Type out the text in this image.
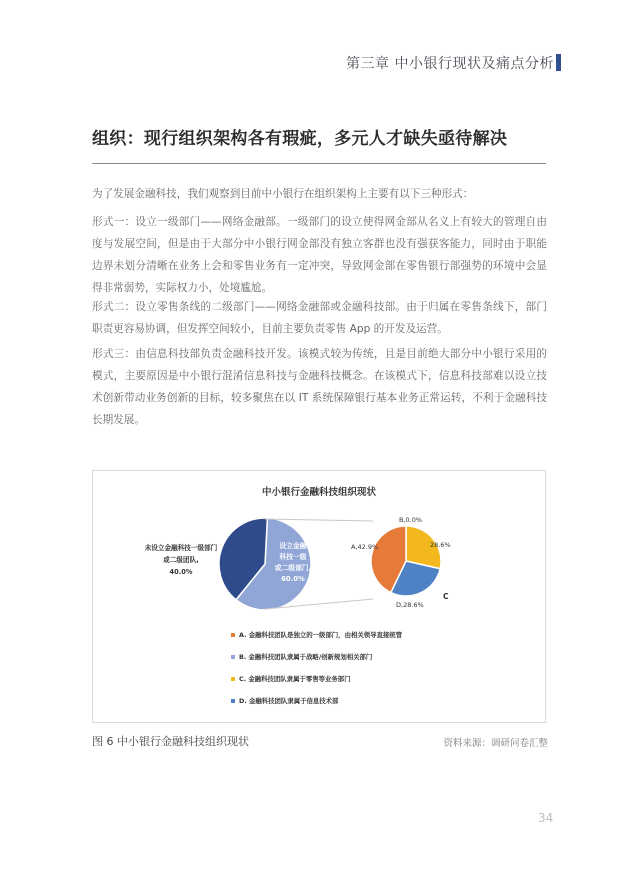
第三章 中小银行现状及痛点分析
组织：现行组织架构各有瑕疵，多元人才缺失亟待解决

为了发展金融科技，我们观察到目前中小银行在组织架构上主要有以下三种形式：

形式一：设立一级部门——网络金融部。一级部门的设立使得网金部从名义上有较大的管理自由度与发展空间，但是由于大部分中小银行网金部没有独立客群也没有强获客能力，同时由于职能边界未划分清晰在业务上会和零售业务有一定冲突，导致网金部在零售银行部强势的环境中会显得非常弱势，实际权力小，处境尴尬。

形式二：设立零售条线的二级部门——网络金融部或金融科技部。由于归属在零售条线下，部门职责更容易协调，但发挥空间较小，目前主要负责零售 App 的开发及运营。

形式三：由信息科技部负责金融科技开发。该模式较为传统，且是目前绝大部分中小银行采用的模式，主要原因是中小银行混淆信息科技与金融科技概念。在该模式下，信息科技部难以设立技术创新带动业务创新的目标，较多聚焦在以 IT 系统保障银行基本业务正常运转，不利于金融科技长期发展。

中小银行金融科技组织现状
设立金融
科技一级
或二级部门,
60.0%
未设立金融科技一级部门
或二级团队,
40.0%
A,42.9%
B,0.0%
28.6%
D,28.6%
C
A. 金融科技团队是独立的一级部门，由相关领导直接统管
B. 金融科技团队隶属于战略/创新规划相关部门
C. 金融科技团队隶属于零售等业务部门
D. 金融科技团队隶属于信息技术部
图 6 中小银行金融科技组织现状	资料来源：调研问卷汇整
34
